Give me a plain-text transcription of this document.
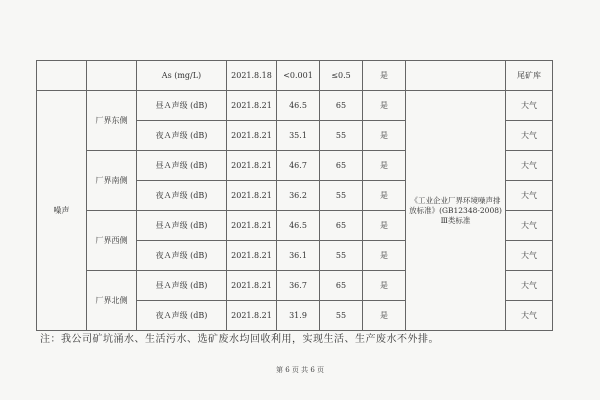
		As (mg/L)	2021.8.18	<0.001	≤0.5	是		尾矿库
噪声	厂界东侧	昼Ａ声级 (dB)	2021.8.21	46.5	65	是	《工业企业厂界环境噪声排放标准》(GB12348-2008) Ⅲ类标准	大气
		夜Ａ声级 (dB)	2021.8.21	35.1	55	是		大气
	厂界南侧	昼Ａ声级 (dB)	2021.8.21	46.7	65	是		大气
		夜Ａ声级 (dB)	2021.8.21	36.2	55	是		大气
	厂界西侧	昼Ａ声级 (dB)	2021.8.21	46.5	65	是		大气
		夜Ａ声级 (dB)	2021.8.21	36.1	55	是		大气
	厂界北侧	昼Ａ声级 (dB)	2021.8.21	36.7	65	是		大气
		夜Ａ声级 (dB)	2021.8.21	31.9	55	是		大气
注：我公司矿坑涌水、生活污水、选矿废水均回收利用，实现生活、生产废水不外排。
第 6 页 共 6 页
